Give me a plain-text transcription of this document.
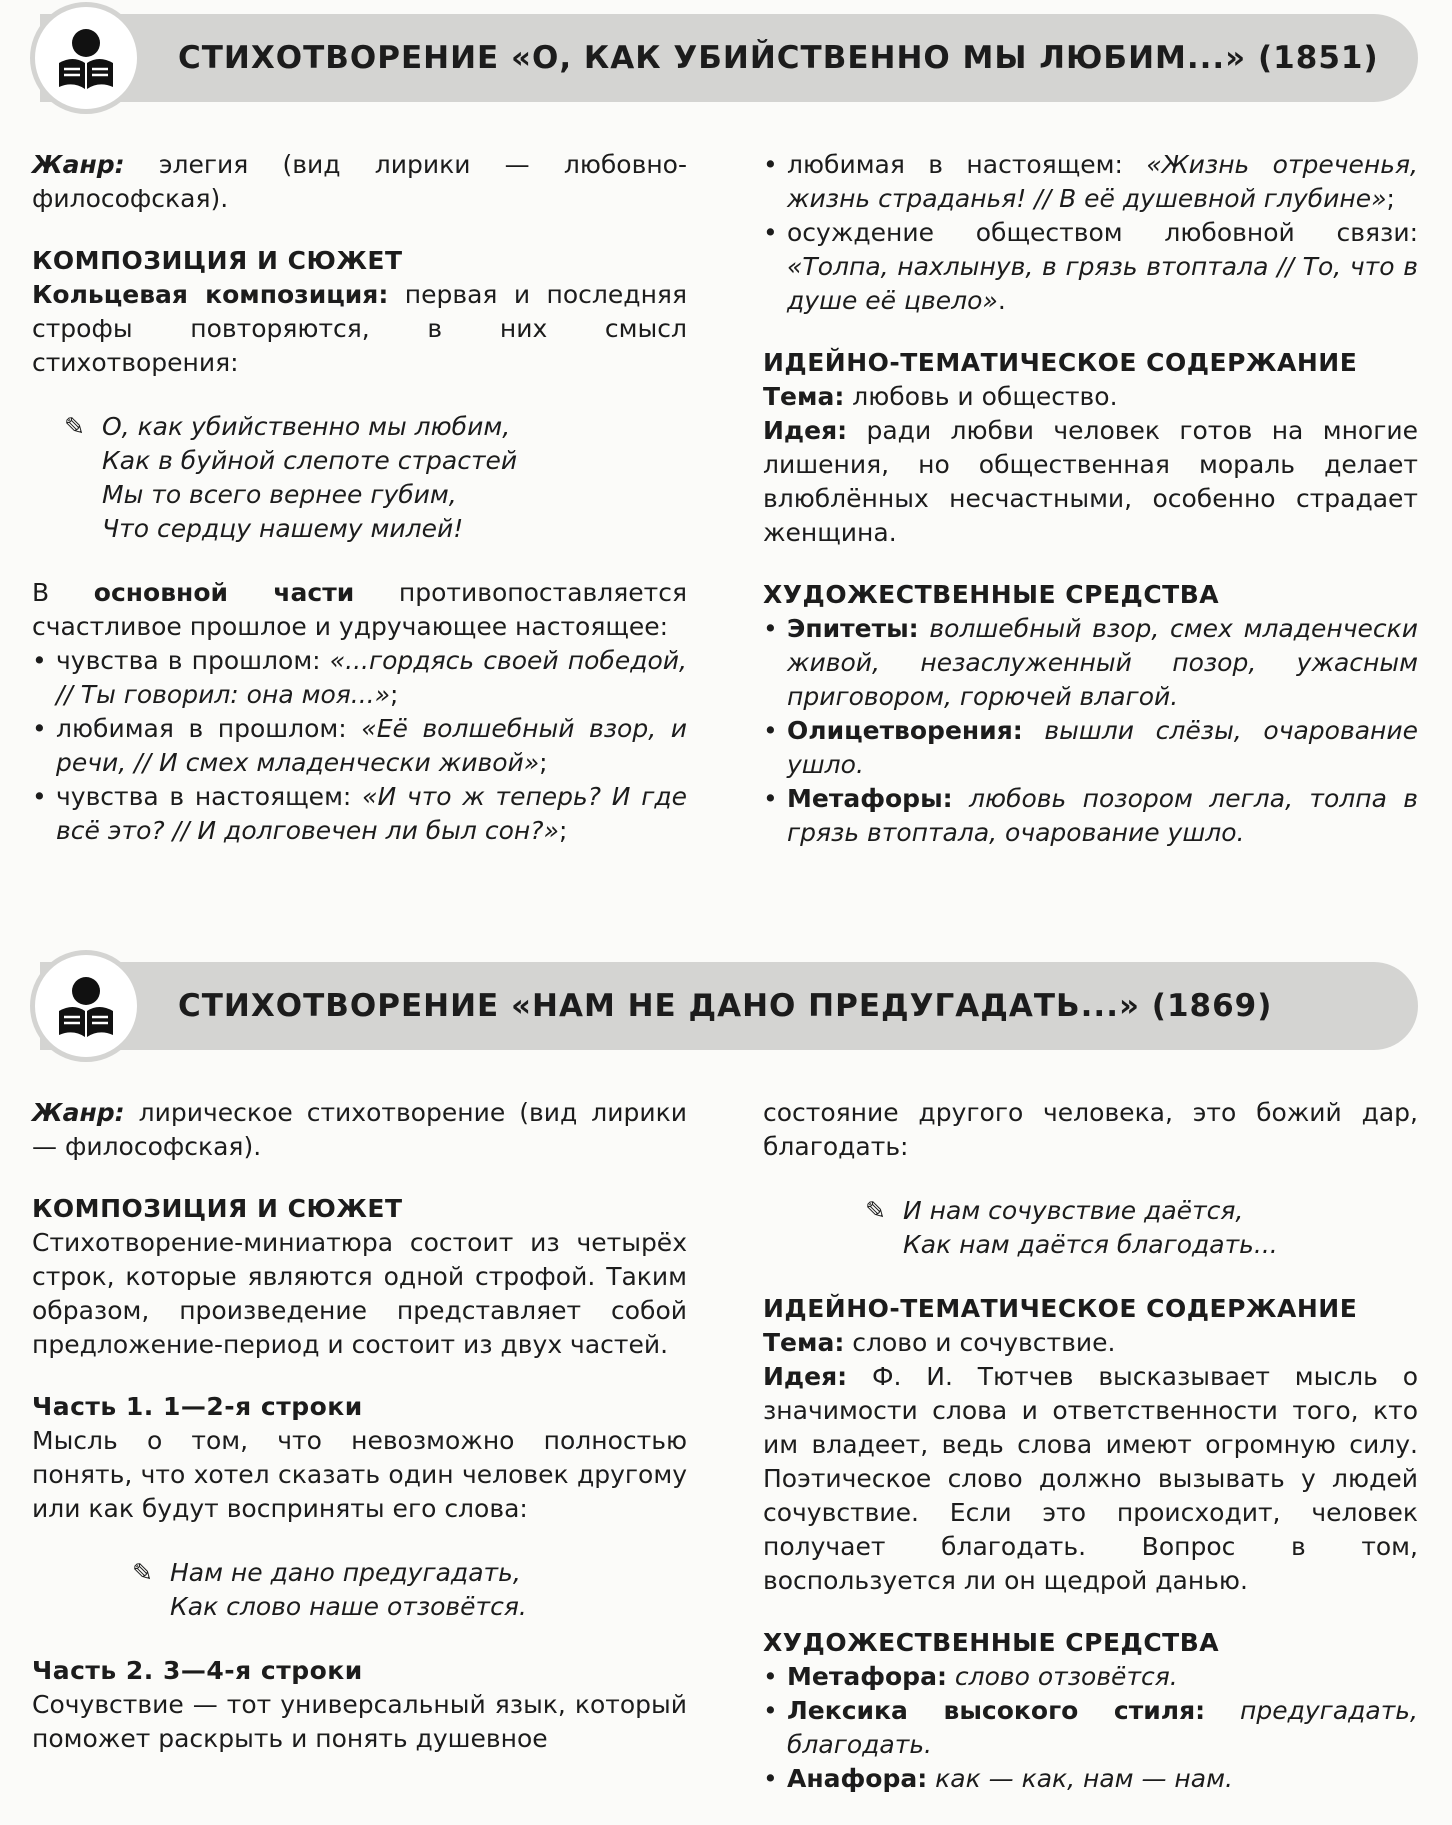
СТИХОТВОРЕНИЕ «О, КАК УБИЙСТВЕННО МЫ ЛЮБИМ...» (1851)

Жанр: элегия (вид лирики — любовно-философская).

КОМПОЗИЦИЯ И СЮЖЕТ

Кольцевая композиция: первая и последняя строфы повторяются, в них смысл стихотворения:

✎ О, как убийственно мы любим,
Как в буйной слепоте страстей
Мы то всего вернее губим,
Что сердцу нашему милей!

В основной части противопоставляется счастливое прошлое и удручающее настоящее:

• чувства в прошлом: «...гордясь своей победой, // Ты говорил: она моя...»;
• любимая в прошлом: «Её волшебный взор, и речи, // И смех младенчески живой»;
• чувства в настоящем: «И что ж теперь? И где всё это? // И долговечен ли был сон?»;
• любимая в настоящем: «Жизнь отреченья, жизнь страданья! // В её душевной глубине»;
• осуждение обществом любовной связи: «Толпа, нахлынув, в грязь втоптала // То, что в душе её цвело».

ИДЕЙНО-ТЕМАТИЧЕСКОЕ СОДЕРЖАНИЕ

Тема: любовь и общество.

Идея: ради любви человек готов на многие лишения, но общественная мораль делает влюблённых несчастными, особенно страдает женщина.

ХУДОЖЕСТВЕННЫЕ СРЕДСТВА

• Эпитеты: волшебный взор, смех младенчески живой, незаслуженный позор, ужасным приговором, горючей влагой.
• Олицетворения: вышли слёзы, очарование ушло.
• Метафоры: любовь позором легла, толпа в грязь втоптала, очарование ушло.
СТИХОТВОРЕНИЕ «НАМ НЕ ДАНО ПРЕДУГАДАТЬ...» (1869)

Жанр: лирическое стихотворение (вид лирики — философская).

КОМПОЗИЦИЯ И СЮЖЕТ

Стихотворение-миниатюра состоит из четырёх строк, которые являются одной строфой. Таким образом, произведение представляет собой предложение-период и состоит из двух частей.

Часть 1. 1—2-я строки

Мысль о том, что невозможно полностью понять, что хотел сказать один человек другому или как будут восприняты его слова:

✎ Нам не дано предугадать,
Как слово наше отзовётся.

Часть 2. 3—4-я строки

Сочувствие — тот универсальный язык, который поможет раскрыть и понять душевное

состояние другого человека, это божий дар, благодать:

✎ И нам сочувствие даётся,
Как нам даётся благодать...

ИДЕЙНО-ТЕМАТИЧЕСКОЕ СОДЕРЖАНИЕ

Тема: слово и сочувствие.

Идея: Ф. И. Тютчев высказывает мысль о значимости слова и ответственности того, кто им владеет, ведь слова имеют огромную силу. Поэтическое слово должно вызывать у людей сочувствие. Если это происходит, человек получает благодать. Вопрос в том, воспользуется ли он щедрой данью.

ХУДОЖЕСТВЕННЫЕ СРЕДСТВА

• Метафора: слово отзовётся.
• Лексика высокого стиля: предугадать, благодать.
• Анафора: как — как, нам — нам.
